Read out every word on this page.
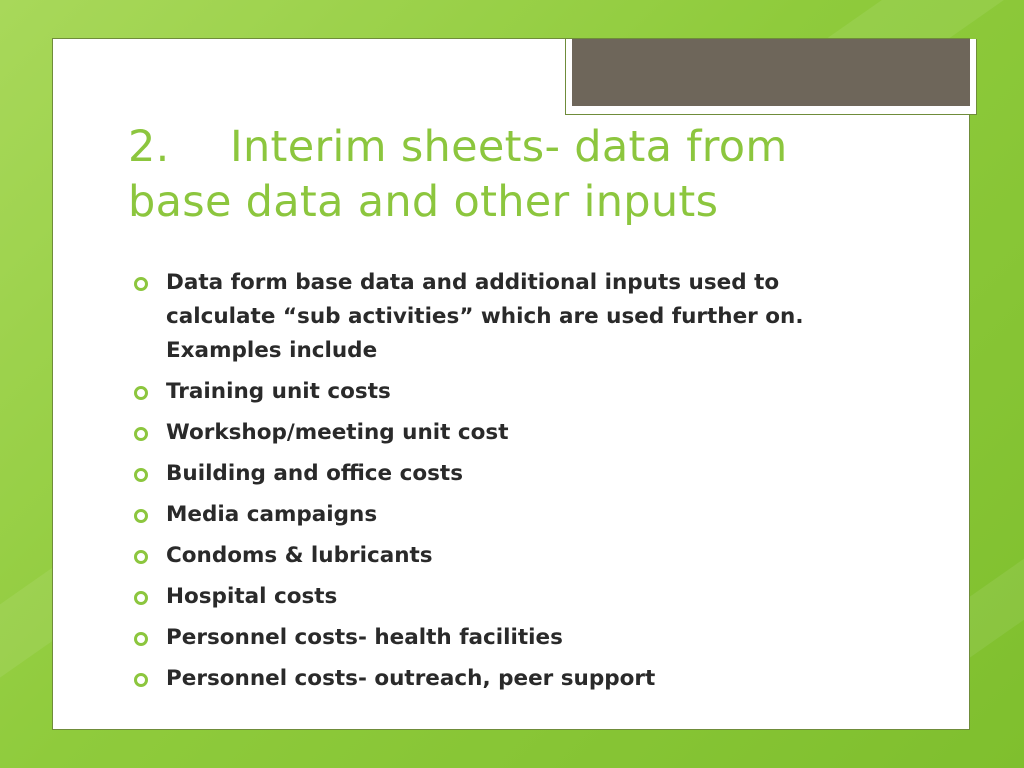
2. Interim sheets- data from
base data and other inputs
Data form base data and additional inputs used to calculate “sub activities” which are used further on. Examples include
Training unit costs
Workshop/meeting unit cost
Building and office costs
Media campaigns
Condoms & lubricants
Hospital costs
Personnel costs- health facilities
Personnel costs- outreach, peer support
